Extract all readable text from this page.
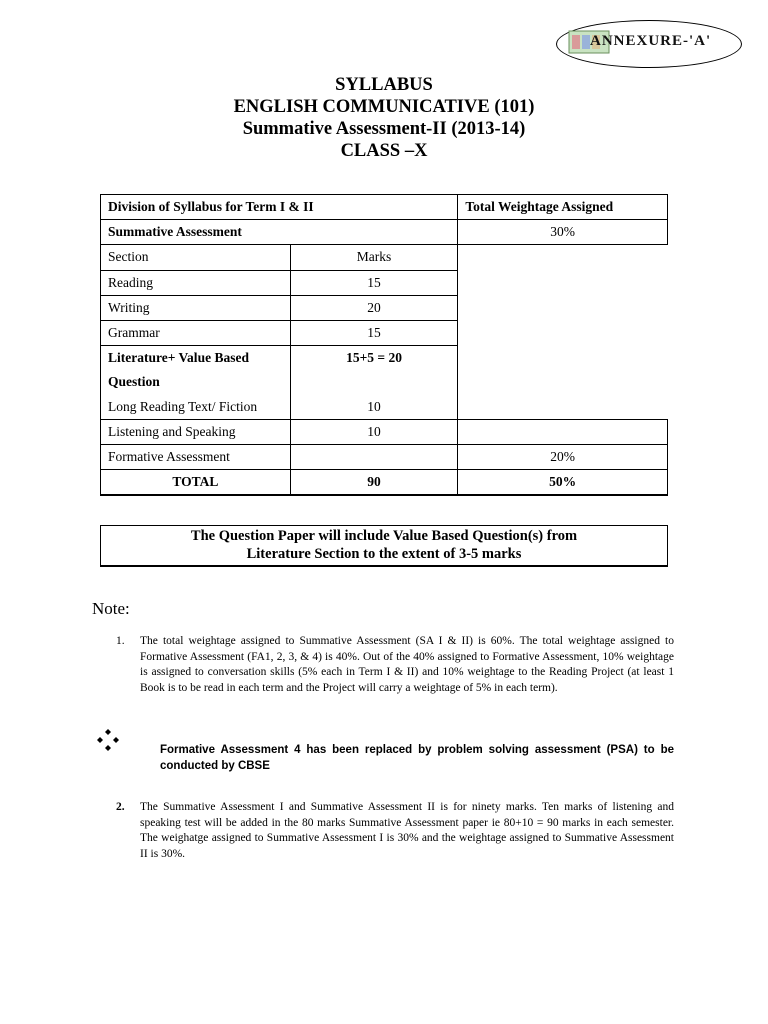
ANNEXURE-'A'
SYLLABUS
ENGLISH COMMUNICATIVE (101)
Summative Assessment-II (2013-14)
CLASS –X
Division of Syllabus for Term I & II		Total Weightage Assigned
Summative Assessment		30%
Section	Marks	
Reading	15	
Writing	20	
Grammar	15	
Literature+ Value Based	15+5 = 20	
Question		
Long Reading Text/ Fiction	10	
Listening and Speaking	10	
Formative Assessment		20%
TOTAL	90	50%
The Question Paper will include Value Based Question(s) from
Literature Section to the extent of 3-5 marks
Note:
1.	The total weightage assigned to Summative Assessment (SA I & II) is 60%. The total weightage assigned to Formative Assessment (FA1, 2, 3, & 4) is 40%. Out of the 40% assigned to Formative Assessment, 10% weightage is assigned to conversation skills (5% each in Term I & II) and 10% weightage to the Reading Project (at least 1 Book is to be read in each term and the Project will carry a weightage of 5% in each term).
Formative Assessment 4 has been replaced by problem solving assessment (PSA) to be conducted by CBSE
2.	The Summative Assessment I and Summative Assessment II is for ninety marks. Ten marks of listening and speaking test will be added in the 80 marks Summative Assessment paper ie 80+10 = 90 marks in each semester. The weighatge assigned to Summative Assessment I is 30% and the weightage assigned to Summative Assessment II is 30%.
